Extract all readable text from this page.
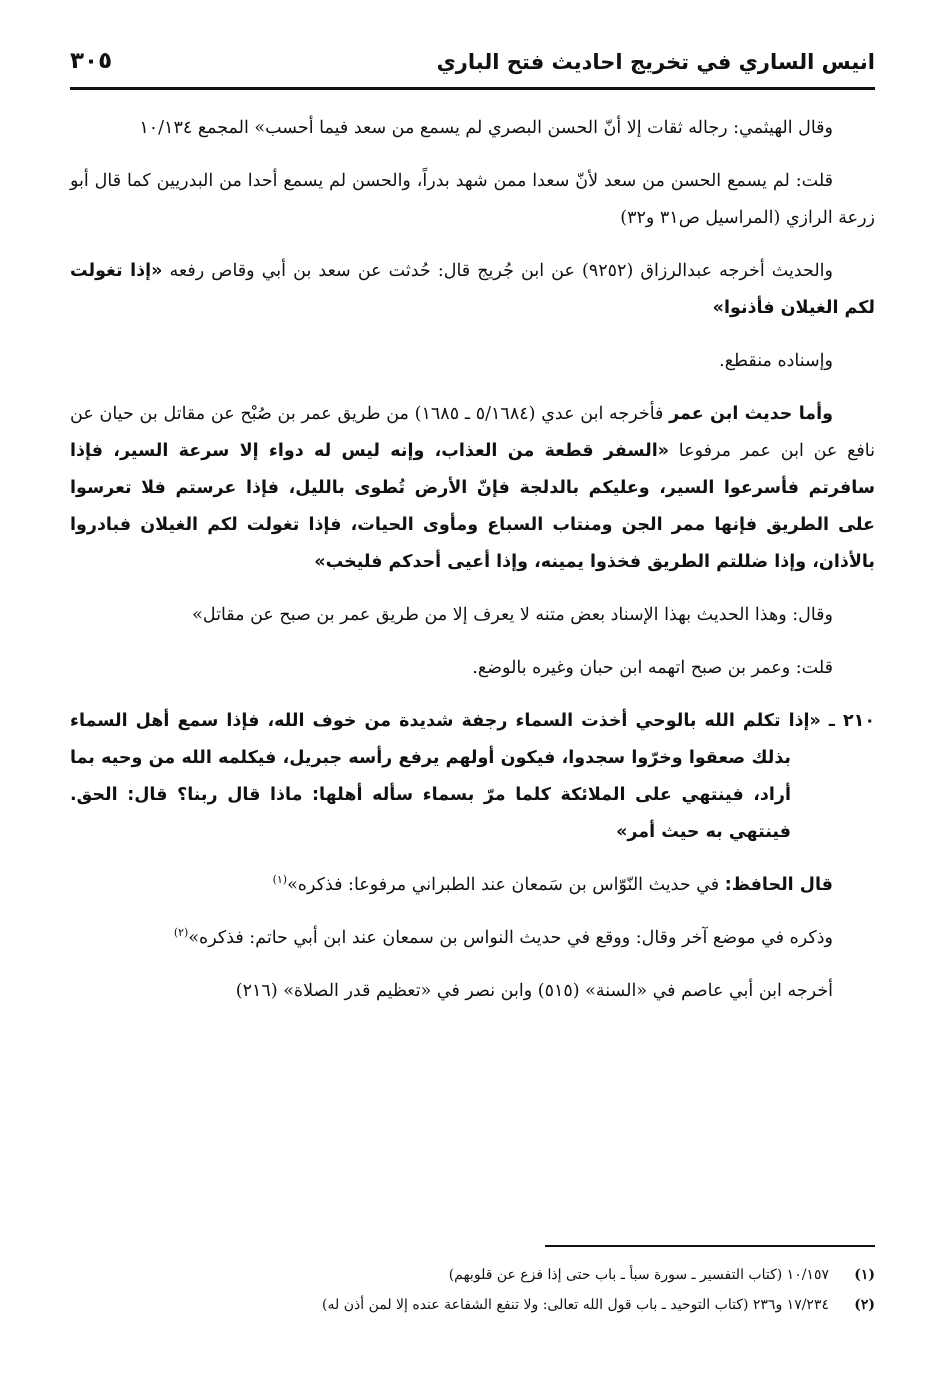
انيس الساري في تخريج احاديث فتح الباري
٣٠٥

وقال الهيثمي: رجاله ثقات إلا أنّ الحسن البصري لم يسمع من سعد فيما أحسب» المجمع ١٠/١٣٤

قلت: لم يسمع الحسن من سعد لأنّ سعدا ممن شهد بدراً، والحسن لم يسمع أحدا من البدريين كما قال أبو زرعة الرازي (المراسيل ص٣١ و٣٢)

والحديث أخرجه عبدالرزاق (٩٢٥٢) عن ابن جُريج قال: حُدثت عن سعد بن أبي وقاص رفعه «إذا تغولت لكم الغيلان فأذنوا»

وإسناده منقطع.

وأما حديث ابن عمر فأخرجه ابن عدي (٥/١٦٨٤ ـ ١٦٨٥) من طريق عمر بن صُبْح عن مقاتل بن حيان عن نافع عن ابن عمر مرفوعا «السفر قطعة من العذاب، وإنه ليس له دواء إلا سرعة السير، فإذا سافرتم فأسرعوا السير، وعليكم بالدلجة فإنّ الأرض تُطوى بالليل، فإذا عرستم فلا تعرسوا على الطريق فإنها ممر الجن ومنتاب السباع ومأوى الحيات، فإذا تغولت لكم الغيلان فبادروا بالأذان، وإذا ضللتم الطريق فخذوا يمينه، وإذا أعيى أحدكم فليخب»

وقال: وهذا الحديث بهذا الإسناد بعض متنه لا يعرف إلا من طريق عمر بن صبح عن مقاتل»

قلت: وعمر بن صبح اتهمه ابن حبان وغيره بالوضع.

٢١٠ ـ «إذا تكلم الله بالوحي أخذت السماء رجفة شديدة من خوف الله، فإذا سمع أهل السماء بذلك صعقوا وخرّوا سجدوا، فيكون أولهم يرفع رأسه جبريل، فيكلمه الله من وحيه بما أراد، فينتهي على الملائكة كلما مرّ بسماء سأله أهلها: ماذا قال ربنا؟ قال: الحق. فينتهي به حيث أمر»

قال الحافظ: في حديث النّوّاس بن سَمعان عند الطبراني مرفوعا: فذكره»$^{(١)}$

وذكره في موضع آخر وقال: ووقع في حديث النواس بن سمعان عند ابن أبي حاتم: فذكره»$^{(٢)}$

أخرجه ابن أبي عاصم في «السنة» (٥١٥) وابن نصر في «تعظيم قدر الصلاة» (٢١٦)

(١)١٠/١٥٧ (كتاب التفسير ـ سورة سبأ ـ باب حتى إذا فزع عن قلوبهم)

(٢)١٧/٢٣٤ و٢٣٦ (كتاب التوحيد ـ باب قول الله تعالى: ولا تنفع الشفاعة عنده إلا لمن أذن له)
